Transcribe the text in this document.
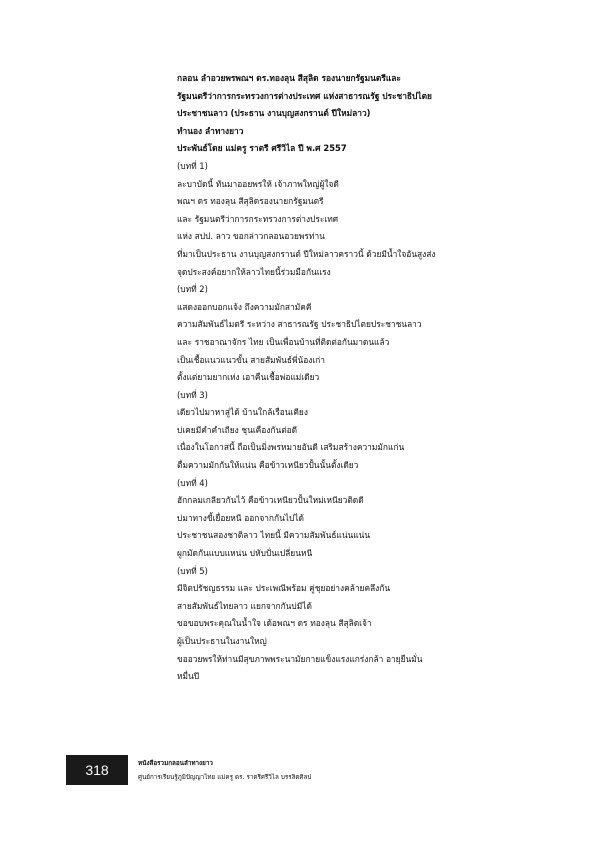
กลอน ลำอวยพรพณฯ ดร.ทองลุน สีสุลิด รองนายกรัฐมนตรีและ
รัฐมนตรีว่าการกระทรวงการต่างประเทศ แห่งสาธารณรัฐ ประชาธิปไตย
ประชาชนลาว (ประธาน งานบุญสงกรานต์ ปีใหม่ลาว)
ทำนอง ลำทางยาว
ประพันธ์โดย แม่ครู ราตรี ศรีวิไล ปี พ.ศ 2557
(บทที่ 1)
ละบาบัดนี้ ทันมาออยพรให้ เจ้าภาพใหญ่ผู้ใจดี
พณฯ ดร ทองลุน สีสุลิดรองนายกรัฐมนตรี
และ รัฐมนตรีว่าการกระทรวงการต่างประเทศ
แห่ง สปป. ลาว ขอกล่าวกลอนอวยพรท่าน
ที่มาเป็นประธาน งานบุญสงกรานต์ ปีใหม่ลาวคราวนี้ ด้วยมีน้ำใจอันสูงส่ง
จุดประสงค์อยากให้ลาวไทยนี้ร่วมมือกันแรง
(บทที่ 2)
แสดงออกบอกแจ้ง ถึงความมักสามัคคี
ความสัมพันธ์ไมตรี ระหว่าง สาธารณรัฐ ประชาธิปไตยประชาชนลาว
และ ราชอาณาจักร ไทย เป็นเพื่อนบ้านที่ติดต่อกันมาดนแล้ว
เป็นเชื้อแนวแนวขั้น สายสัมพันธ์พี่น้องเก่า
ตั้งแต่ยามยากเห่ง เอาคืนเชื้อพ่อแม่เดียว
(บทที่ 3)
เดียวไปมาหาสู่ได้ บ้านใกล้เรือนเคียง
บ่เคยมีคำคำเถียง ชุนเคืองกันต่อดี
เนื่องในโอกาสนี้ ถือเป็นมิ่งพรหมายอันดี เสริมสร้างความมักแก่น
ตื่มความมักกันให้แน่น คือข้าวเหนียวปั้นนั้นตั้งเดียว
(บทที่ 4)
ฮักกลมเกลียวกันไว้ คือข้าวเหนียวปั้นใหม่เหนียวติดดี
บ่มาทางขี้เยื่อยหนี ออกจากกันไปได้
ประชาชนสองชาติลาว ไทยนี้ มีความสัมพันธ์แน่นแน่น
ผูกมัดกันแบบแหน่น บ่หับปั่นเปลี่ยนหนี
(บทที่ 5)
มีจิตปรัชญธรรม และ ประเพณีพร้อม คู่ชุยอย่างคล้ายคลึงกัน
สายสัมพันธ์ไทยลาว แยกจากกันบ่มีได้
ขอขอบพระคุณในน้ำใจ เด้อพณฯ ดร ทองลุน สีสุลิดเจ้า
ผู้เป็นประธานในงานใหญ่
ขออวยพรให้ท่านมีสุขภาพพระนามัยกายแข็งแรงแกร่งกล้า อายุยืนมั่น
หมื่นปี
318	หนังสือรวมกลอนลำทางยาว
ศูนย์การเรียนรู้ภูมิปัญญาไทย แม่ครู ดร. ราตรีศรีวิไล บรรลิตศิลป
